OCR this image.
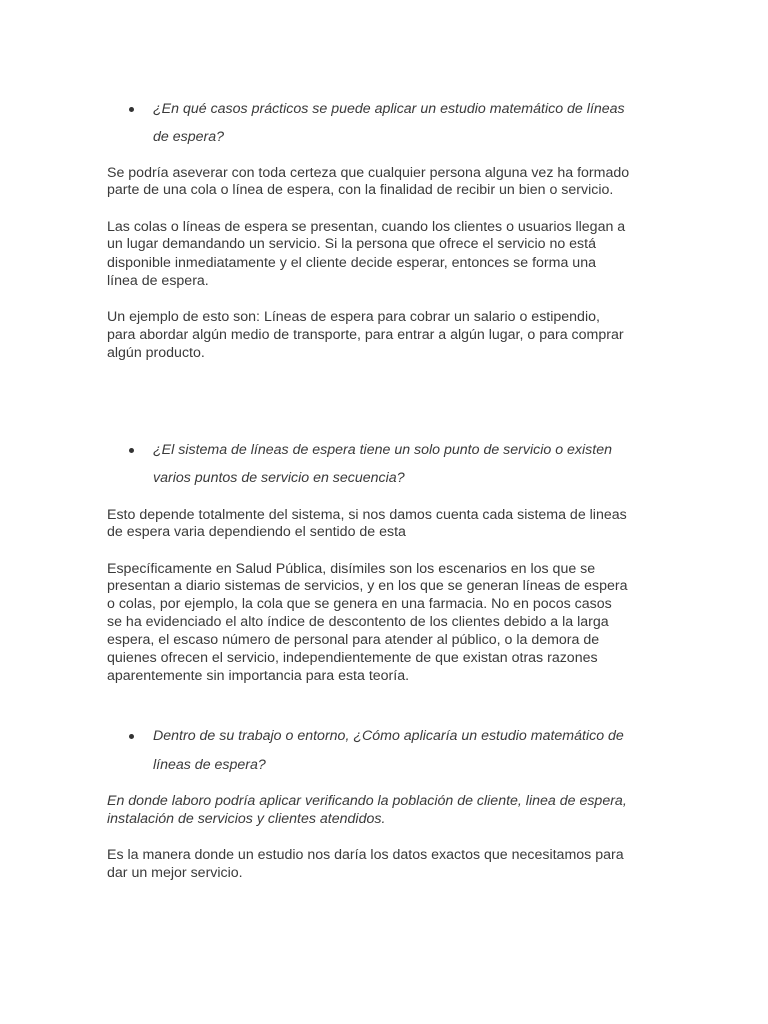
¿En qué casos prácticos se puede aplicar un estudio matemático de líneas
de espera?
Se podría aseverar con toda certeza que cualquier persona alguna vez ha formado
parte de una cola o línea de espera, con la finalidad de recibir un bien o servicio.
Las colas o líneas de espera se presentan, cuando los clientes o usuarios llegan a
un lugar demandando un servicio. Si la persona que ofrece el servicio no está
disponible inmediatamente y el cliente decide esperar, entonces se forma una
línea de espera.
Un ejemplo de esto son: Líneas de espera para cobrar un salario o estipendio,
para abordar algún medio de transporte, para entrar a algún lugar, o para comprar
algún producto.
¿El sistema de líneas de espera tiene un solo punto de servicio o existen
varios puntos de servicio en secuencia?
Esto depende totalmente del sistema, si nos damos cuenta cada sistema de lineas
de espera varia dependiendo el sentido de esta
Específicamente en Salud Pública, disímiles son los escenarios en los que se
presentan a diario sistemas de servicios, y en los que se generan líneas de espera
o colas, por ejemplo, la cola que se genera en una farmacia. No en pocos casos
se ha evidenciado el alto índice de descontento de los clientes debido a la larga
espera, el escaso número de personal para atender al público, o la demora de
quienes ofrecen el servicio, independientemente de que existan otras razones
aparentemente sin importancia para esta teoría.
Dentro de su trabajo o entorno, ¿Cómo aplicaría un estudio matemático de
líneas de espera?
En donde laboro podría aplicar verificando la población de cliente, linea de espera,
instalación de servicios y clientes atendidos.
Es la manera donde un estudio nos daría los datos exactos que necesitamos para
dar un mejor servicio.
